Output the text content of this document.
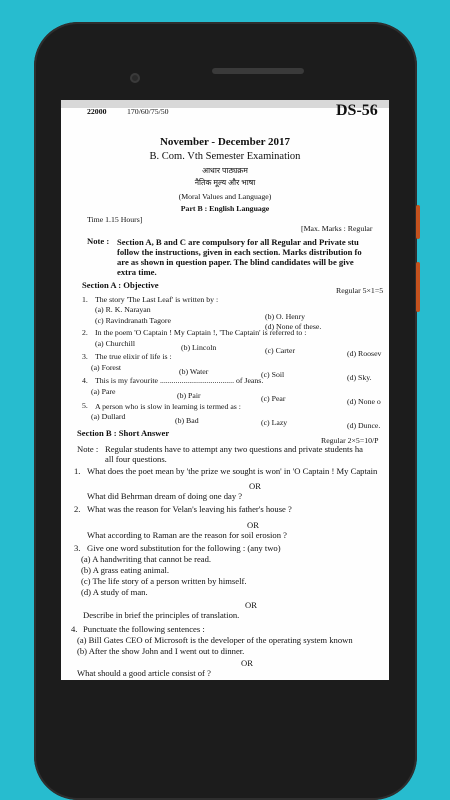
22000	170/60/75/50	DS-56
November - December 2017
B. Com. Vth Semester Examination
आधार पाठ्यक्रम
नैतिक मूल्य और भाषा
(Moral Values and Language)
Part B : English Language
Time 1.15 Hours]
[Max. Marks : Regular
Note : Section A, B and C are compulsory for all Regular and Private stu
follow the instructions, given in each section. Marks distribution fo
are as shown in question paper. The blind candidates will be give
extra time.
Section A : Objective
Regular 5×1=5
1. The story 'The Last Leaf' is written by :
(a) R. K. Narayan
(b) O. Henry
(c) Ravindranath Tagore
(d) None of these.
2. In the poem 'O Captain ! My Captain !, 'The Captain' is referred to :
(a) Churchill	(b) Lincoln	(c) Carter	(d) Roosev
3. The true elixir of life is :
(a) Forest	(b) Water	(c) Soil	(d) Sky.
4. This is my favourite ...................................... of Jeans.
(a) Pare	(b) Pair	(c) Pear	(d) None o
5. A person who is slow in learning is termed as :
(a) Dullard	(b) Bad	(c) Lazy	(d) Dunce.
Section B : Short Answer
Regular 2×5=10/P
Note : Regular students have to attempt any two questions and private students ha
all four questions.
1. What does the poet mean by 'the prize we sought is won' in 'O Captain ! My Captain
OR
What did Behrman dream of doing one day ?
2. What was the reason for Velan's leaving his father's house ?
OR
What according to Raman are the reason for soil erosion ?
3. Give one word substitution for the following : (any two)
(a) A handwriting that cannot be read.
(b) A grass eating animal.
(c) The life story of a person written by himself.
(d) A study of man.
OR
Describe in brief the principles of translation.
4. Punctuate the following sentences :
(a) Bill Gates CEO of Microsoft is the developer of the operating system known
(b) After the show John and I went out to dinner.
OR
What should a good article consist of ?
